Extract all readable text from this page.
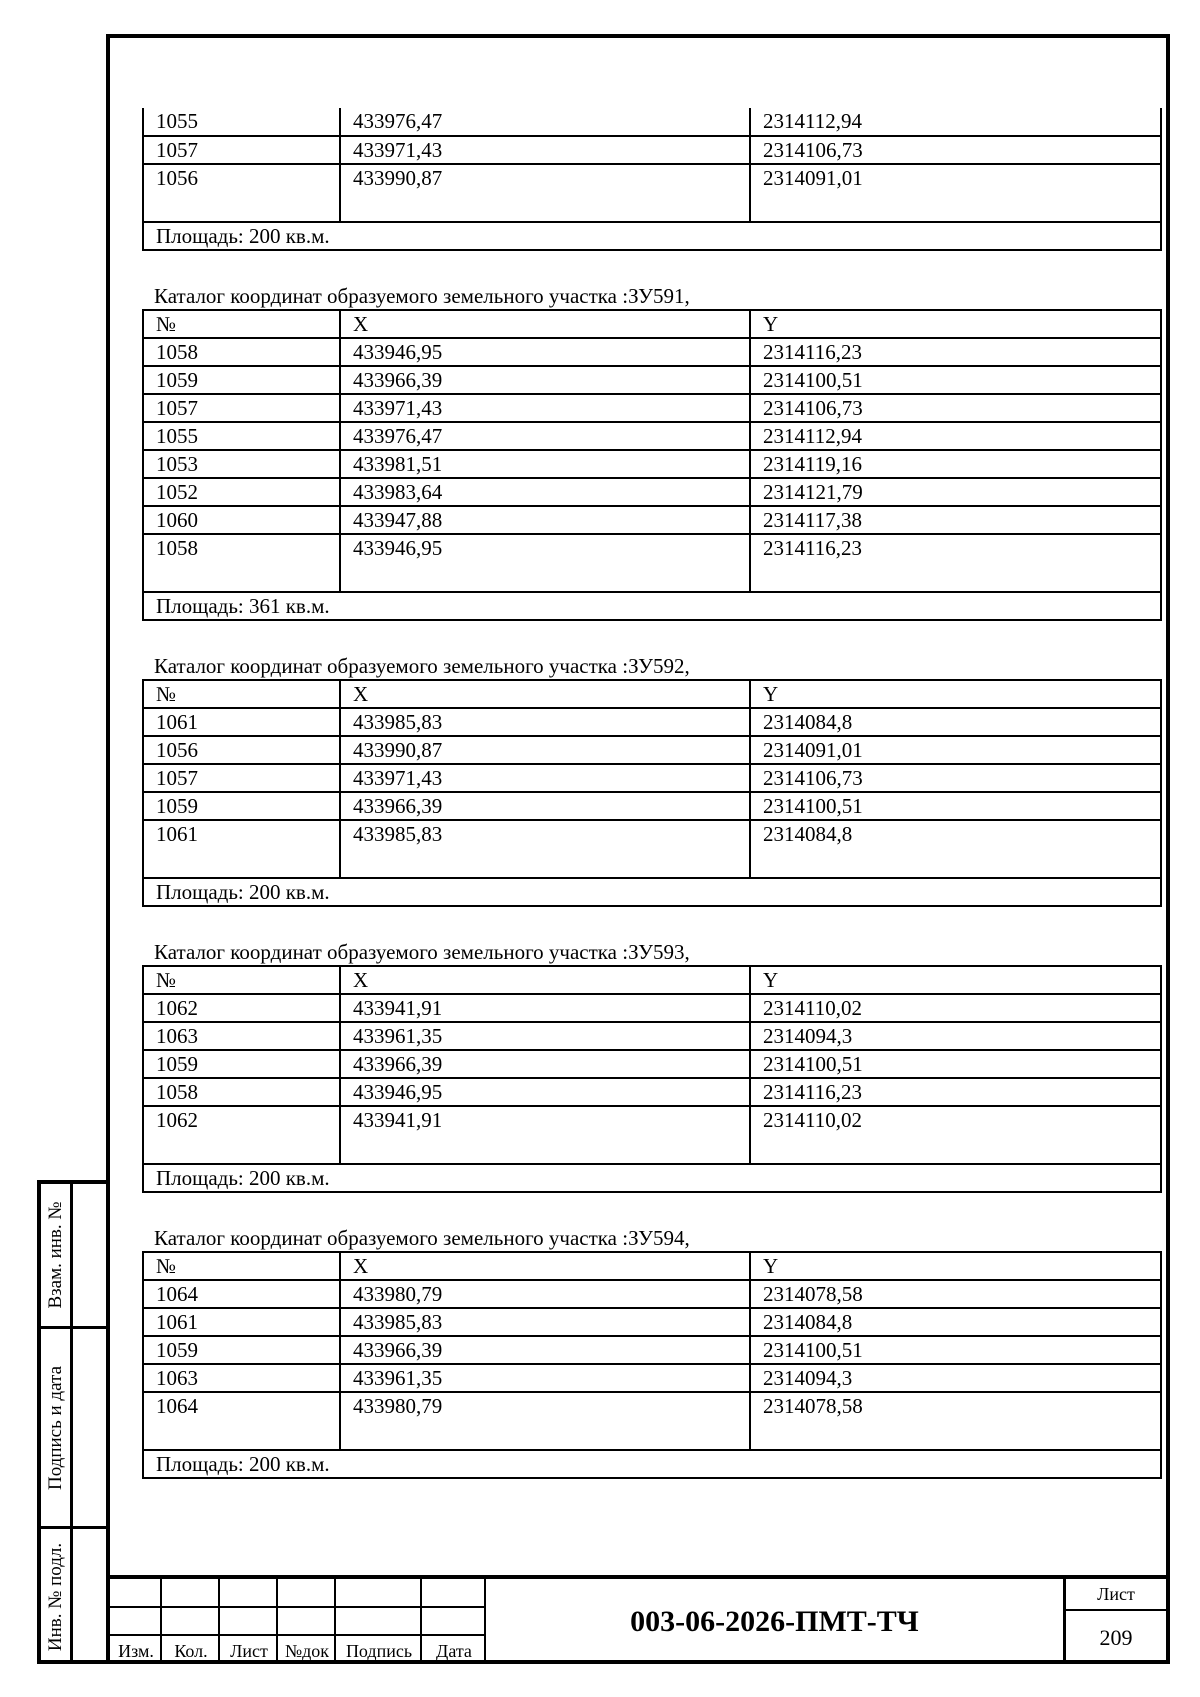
Взам. инв. №
Подпись и дата
Инв. № подл.
1055	433976,47	2314112,94
1057	433971,43	2314106,73
1056	433990,87	2314091,01
Площадь: 200 кв.м.		
Каталог координат образуемого земельного участка :ЗУ591,
№	X	Y
1058	433946,95	2314116,23
1059	433966,39	2314100,51
1057	433971,43	2314106,73
1055	433976,47	2314112,94
1053	433981,51	2314119,16
1052	433983,64	2314121,79
1060	433947,88	2314117,38
1058	433946,95	2314116,23
Площадь: 361 кв.м.		
Каталог координат образуемого земельного участка :ЗУ592,
№	X	Y
1061	433985,83	2314084,8
1056	433990,87	2314091,01
1057	433971,43	2314106,73
1059	433966,39	2314100,51
1061	433985,83	2314084,8
Площадь: 200 кв.м.		
Каталог координат образуемого земельного участка :ЗУ593,
№	X	Y
1062	433941,91	2314110,02
1063	433961,35	2314094,3
1059	433966,39	2314100,51
1058	433946,95	2314116,23
1062	433941,91	2314110,02
Площадь: 200 кв.м.		
Каталог координат образуемого земельного участка :ЗУ594,
№	X	Y
1064	433980,79	2314078,58
1061	433985,83	2314084,8
1059	433966,39	2314100,51
1063	433961,35	2314094,3
1064	433980,79	2314078,58
Площадь: 200 кв.м.		
Изм.	Кол.	Лист №док Подпись	Дата
003-06-2026-ПМТ-ТЧ
Лист
209
